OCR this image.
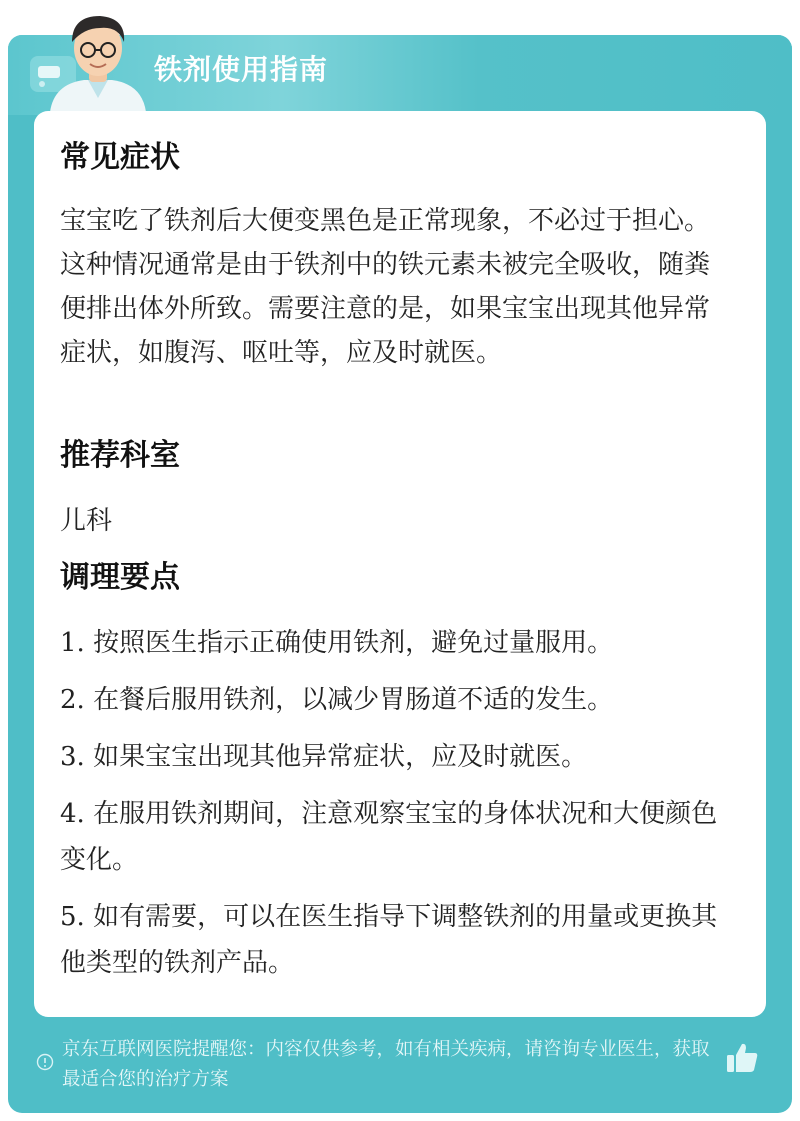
铁剂使用指南
常见症状
宝宝吃了铁剂后大便变黑色是正常现象，不必过于担心。这种情况通常是由于铁剂中的铁元素未被完全吸收，随粪便排出体外所致。需要注意的是，如果宝宝出现其他异常症状，如腹泻、呕吐等，应及时就医。
推荐科室
儿科
调理要点
1. 按照医生指示正确使用铁剂，避免过量服用。
2. 在餐后服用铁剂，以减少胃肠道不适的发生。
3. 如果宝宝出现其他异常症状，应及时就医。
4. 在服用铁剂期间，注意观察宝宝的身体状况和大便颜色变化。
5. 如有需要，可以在医生指导下调整铁剂的用量或更换其他类型的铁剂产品。
京东互联网医院提醒您：内容仅供参考，如有相关疾病，请咨询专业医生，获取最适合您的治疗方案
